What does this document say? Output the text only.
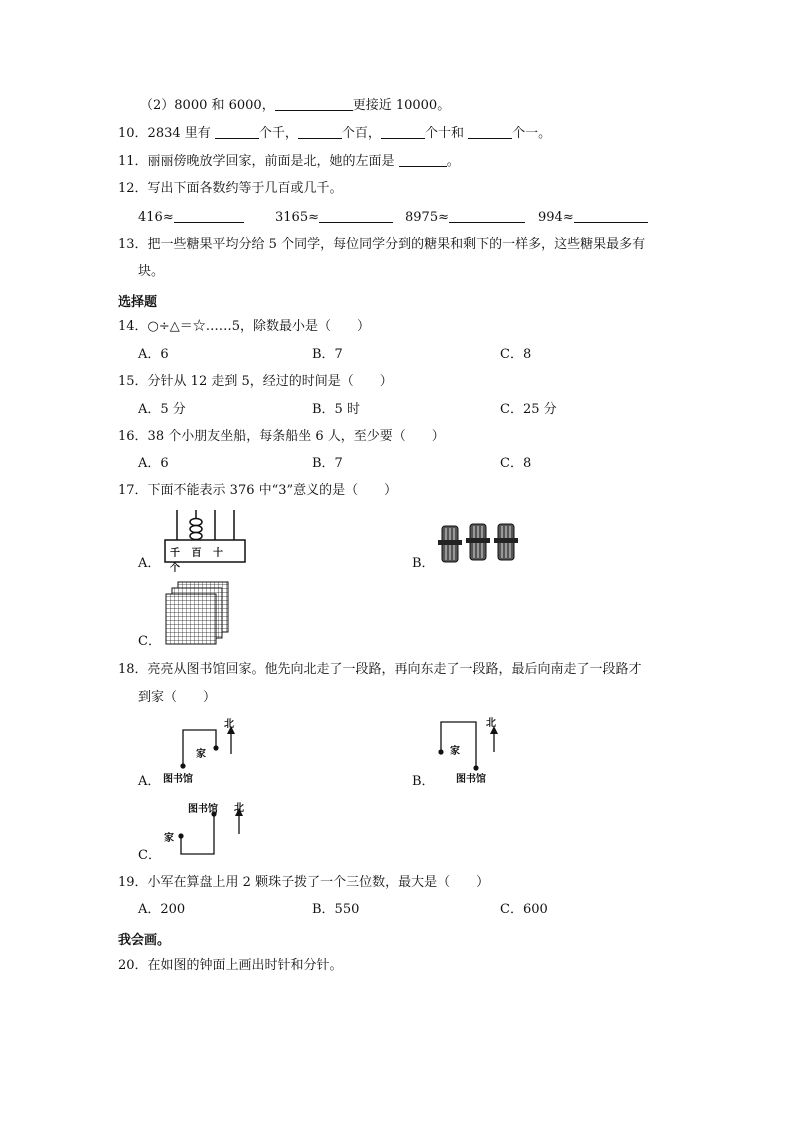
（2）8000 和 6000，	更接近 10000。
10．2834 里有	个千，	个百，	个十和	个一。
11．丽丽傍晚放学回家，前面是北，她的左面是	。
12．写出下面各数约等于几百或几千。
416≈	3165≈	8975≈	994≈
13．把一些糖果平均分给 5 个同学，每位同学分到的糖果和剩下的一样多，这些糖果最多有
块。
选择题
14．○÷△＝☆……5，除数最小是（　　）
A．6	B．7	C．8
15．分针从 12 走到 5，经过的时间是（　　）
A．5 分	B．5 时	C．25 分
16．38 个小朋友坐船，每条船坐 6 人，至少要（　　）
A．6	B．7	C．8
17．下面不能表示 376 中“3”意义的是（　　）
A．
千 百 十 个	B．
C．
18．亮亮从图书馆回家。他先向北走了一段路，再向东走了一段路，最后向南走了一段路才
到家（　　）
A．
家
图书馆
北
B．
家
图书馆
北
C．
家
图书馆 北
19．小军在算盘上用 2 颗珠子拨了一个三位数，最大是（　　）
A．200	B．550	C．600
我会画。
20．在如图的钟面上画出时针和分针。
